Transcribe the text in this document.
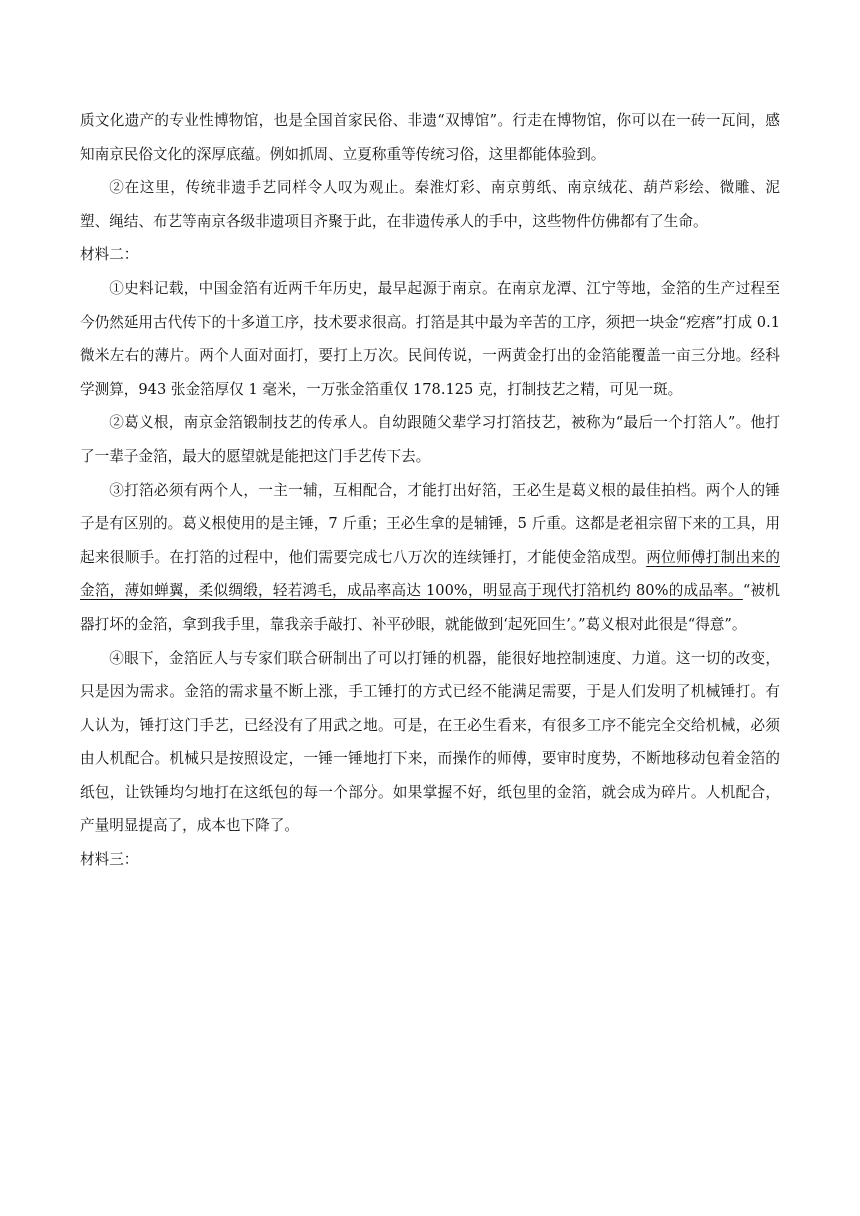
质文化遗产的专业性博物馆，也是全国首家民俗、非遗“双博馆”。行走在博物馆，你可以在一砖一瓦间，感知南京民俗文化的深厚底蕴。例如抓周、立夏称重等传统习俗，这里都能体验到。

②在这里，传统非遗手艺同样令人叹为观止。秦淮灯彩、南京剪纸、南京绒花、葫芦彩绘、微雕、泥塑、绳结、布艺等南京各级非遗项目齐聚于此，在非遗传承人的手中，这些物件仿佛都有了生命。

材料二：

①史料记载，中国金箔有近两千年历史，最早起源于南京。在南京龙潭、江宁等地，金箔的生产过程至今仍然延用古代传下的十多道工序，技术要求很高。打箔是其中最为辛苦的工序，须把一块金“疙瘩”打成 0.1 微米左右的薄片。两个人面对面打，要打上万次。民间传说，一两黄金打出的金箔能覆盖一亩三分地。经科学测算，943 张金箔厚仅 1 毫米，一万张金箔重仅 178.125 克，打制技艺之精，可见一斑。

②葛义根，南京金箔锻制技艺的传承人。自幼跟随父辈学习打箔技艺，被称为“最后一个打箔人”。他打了一辈子金箔，最大的愿望就是能把这门手艺传下去。

③打箔必须有两个人，一主一辅，互相配合，才能打出好箔，王必生是葛义根的最佳拍档。两个人的锤子是有区别的。葛义根使用的是主锤，7 斤重；王必生拿的是辅锤，5 斤重。这都是老祖宗留下来的工具，用起来很顺手。在打箔的过程中，他们需要完成七八万次的连续锤打，才能使金箔成型。两位师傅打制出来的金箔，薄如蝉翼，柔似绸缎，轻若鸿毛，成品率高达 100%，明显高于现代打箔机约 80%的成品率。“被机器打坏的金箔，拿到我手里，靠我亲手敲打、补平砂眼，就能做到‘起死回生’。”葛义根对此很是“得意”。

④眼下，金箔匠人与专家们联合研制出了可以打锤的机器，能很好地控制速度、力道。这一切的改变，只是因为需求。金箔的需求量不断上涨，手工锤打的方式已经不能满足需要，于是人们发明了机械锤打。有人认为，锤打这门手艺，已经没有了用武之地。可是，在王必生看来，有很多工序不能完全交给机械，必须由人机配合。机械只是按照设定，一锤一锤地打下来，而操作的师傅，要审时度势，不断地移动包着金箔的纸包，让铁锤均匀地打在这纸包的每一个部分。如果掌握不好，纸包里的金箔，就会成为碎片。人机配合，产量明显提高了，成本也下降了。

材料三：
